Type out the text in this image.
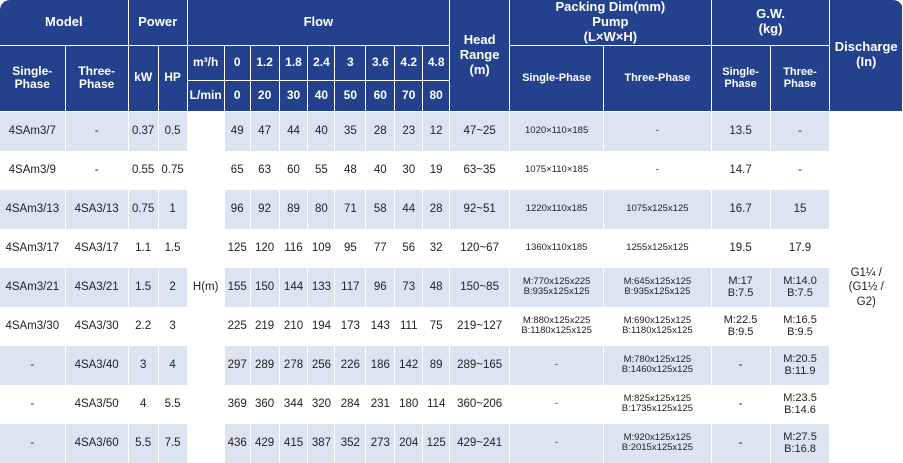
Model		Power		Flow									Head
Range
(m)	Packing Dim(mm)
Pump
(L×W×H)		G.W.
(kg)		Discharge
(In)

Single-
Phase	Three-
Phase	kW	HP	m³/h	0	1.2	1.8	2.4	3	3.6	4.2	4.8		Single-Phase	Three-Phase	Single-
Phase	Three-
Phase	

				L/min	0	20	30	40	50	60	70	80						
4SAm3/7	-	0.37	0.5	H(m)	49	47	44	40	35	28	23	12	47~25	1020×110×185	-	13.5	-	G1¼ /
(G1½ /
G2)

4SAm3/9	-	0.55	0.75		65	63	60	55	48	40	30	19	63~35	1075×110×185	-	14.7	-	

4SAm3/13	4SA3/13	0.75	1		96	92	89	80	71	58	44	28	92~51	1220x110x185	1075x125x125	16.7	15	

4SAm3/17	4SA3/17	1.1	1.5		125	120	116	109	95	77	56	32	120~67	1360x110x185	1255x125x125	19.5	17.9	

4SAm3/21	4SA3/21	1.5	2		155	150	144	133	117	96	73	48	150~85	M:770x125x225
B:935x125x125	M:645x125x125
B:935x125x125	M:17
B:7.5	M:14.0
B:7.5	

4SAm3/30	4SA3/30	2.2	3		225	219	210	194	173	143	111	75	219~127	M:880x125x225
B:1180x125x125	M:690x125x125
B:1180x125x125	M:22.5
B:9.5	M:16.5
B:9.5	

-	4SA3/40	3	4		297	289	278	256	226	186	142	89	289~165	-	M:780x125x125
B:1460x125x125	-	M:20.5
B:11.9	

-	4SA3/50	4	5.5		369	360	344	320	284	231	180	114	360~206	-	M:825x125x125
B:1735x125x125	-	M:23.5
B:14.6	

-	4SA3/60	5.5	7.5		436	429	415	387	352	273	204	125	429~241	-	M:920x125x125
B:2015x125x125	-	M:27.5
B:16.8	
